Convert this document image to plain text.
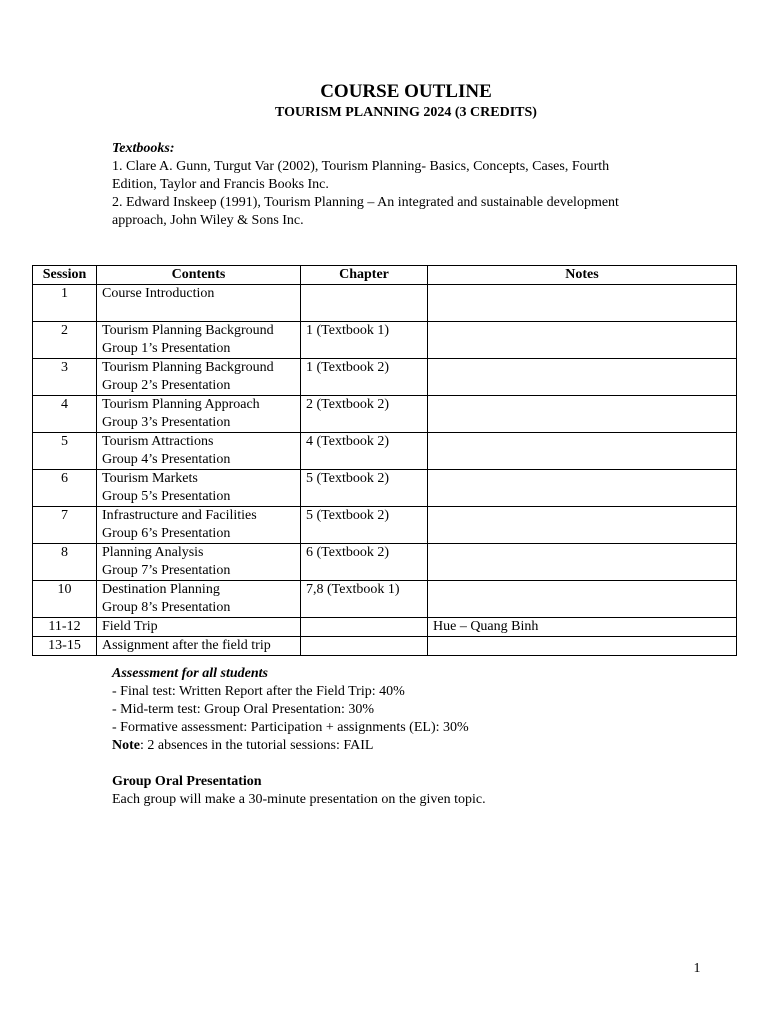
COURSE OUTLINE
TOURISM PLANNING 2024 (3 CREDITS)

Textbooks:

1. Clare A. Gunn, Turgut Var (2002), Tourism Planning- Basics, Concepts, Cases, Fourth
Edition, Taylor and Francis Books Inc.

2. Edward Inskeep (1991), Tourism Planning – An integrated and sustainable development
approach, John Wiley & Sons Inc.

Session	Contents	Chapter	Notes
1	Course Introduction		

2	Tourism Planning Background
Group 1’s Presentation	1 (Textbook 1)	
3	Tourism Planning Background
Group 2’s Presentation	1 (Textbook 2)	
4	Tourism Planning Approach
Group 3’s Presentation	2 (Textbook 2)	
5	Tourism Attractions
Group 4’s Presentation	4 (Textbook 2)	
6	Tourism Markets
Group 5’s Presentation	5 (Textbook 2)	
7	Infrastructure and Facilities
Group 6’s Presentation	5 (Textbook 2)	
8	Planning Analysis
Group 7’s Presentation	6 (Textbook 2)	
10	Destination Planning
Group 8’s Presentation	7,8 (Textbook 1)	
11-12	Field Trip		Hue – Quang Binh
13-15	Assignment after the field trip		

Assessment for all students

- Final test: Written Report after the Field Trip: 40%

- Mid-term test: Group Oral Presentation: 30%

- Formative assessment: Participation + assignments (EL): 30%

Note: 2 absences in the tutorial sessions: FAIL

Group Oral Presentation

Each group will make a 30-minute presentation on the given topic.

1
